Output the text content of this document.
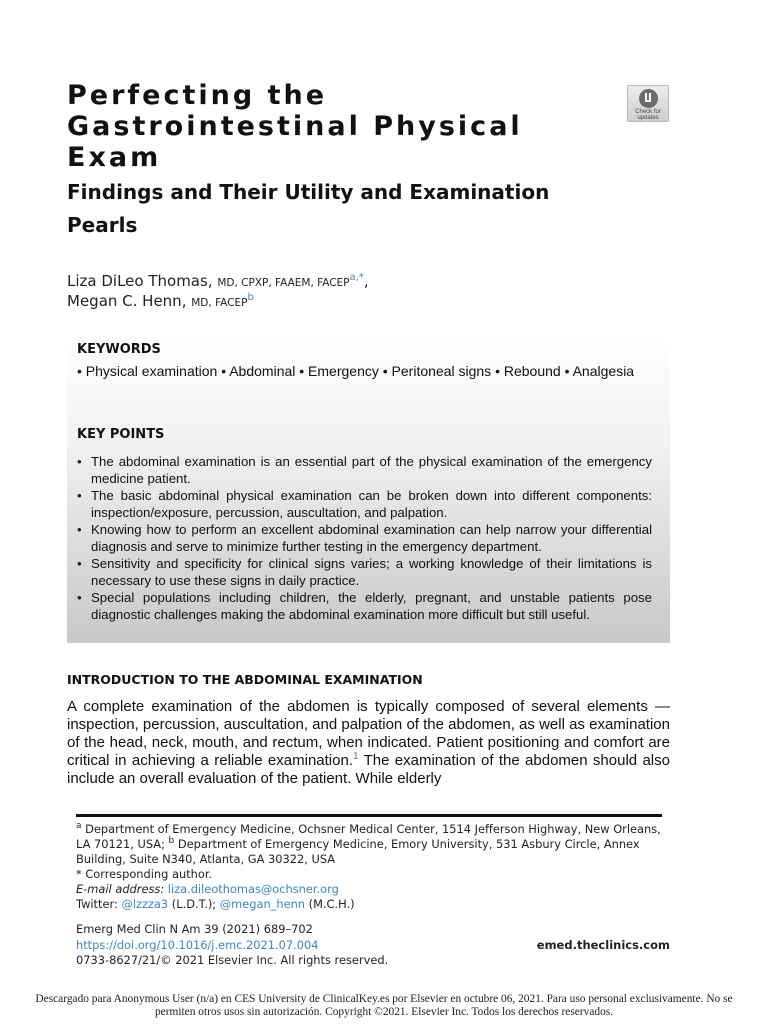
Perfecting the Gastrointestinal Physical Exam
Findings and Their Utility and Examination Pearls
Check for updates
Liza DiLeo Thomas, MD, CPXP, FAAEM, $FACEP^{a,*}$,
Megan C. Henn, MD, FACEP$^b$
KEYWORDS
• Physical examination • Abdominal • Emergency • Peritoneal signs • Rebound • Analgesia
KEY POINTS
• The abdominal examination is an essential part of the physical examination of the emergency medicine patient.
• The basic abdominal physical examination can be broken down into different components: inspection/exposure, percussion, auscultation, and palpation.
• Knowing how to perform an excellent abdominal examination can help narrow your differential diagnosis and serve to minimize further testing in the emergency department.
• Sensitivity and specificity for clinical signs varies; a working knowledge of their limitations is necessary to use these signs in daily practice.
• Special populations including children, the elderly, pregnant, and unstable patients pose diagnostic challenges making the abdominal examination more difficult but still useful.
INTRODUCTION TO THE ABDOMINAL EXAMINATION

A complete examination of the abdomen is typically composed of several elements — inspection, percussion, auscultation, and palpation of the abdomen, as well as examination of the head, neck, mouth, and rectum, when indicated. Patient positioning and comfort are critical in achieving a reliable examination.$^1$ The examination of the abdomen should also include an overall evaluation of the patient. While elderly

$^a$ Department of Emergency Medicine, Ochsner Medical Center, 1514 Jefferson Highway, New Orleans, LA 70121, USA; $^b$ Department of Emergency Medicine, Emory University, 531 Asbury Circle, Annex Building, Suite N340, Atlanta, GA 30322, USA
* Corresponding author.
E-mail address: liza.dileothomas@ochsner.org
Twitter: @lzzza3 (L.D.T.); @megan_henn (M.C.H.)
Emerg Med Clin N Am 39 (2021) 689–702
https://doi.org/10.1016/j.emc.2021.07.004
0733-8627/21/© 2021 Elsevier Inc. All rights reserved.
emed.theclinics.com
Descargado para Anonymous User (n/a) en CES University de ClinicalKey.es por Elsevier en octubre 06, 2021. Para uso personal exclusivamente. No se permiten otros usos sin autorización. Copyright ©2021. Elsevier Inc. Todos los derechos reservados.
